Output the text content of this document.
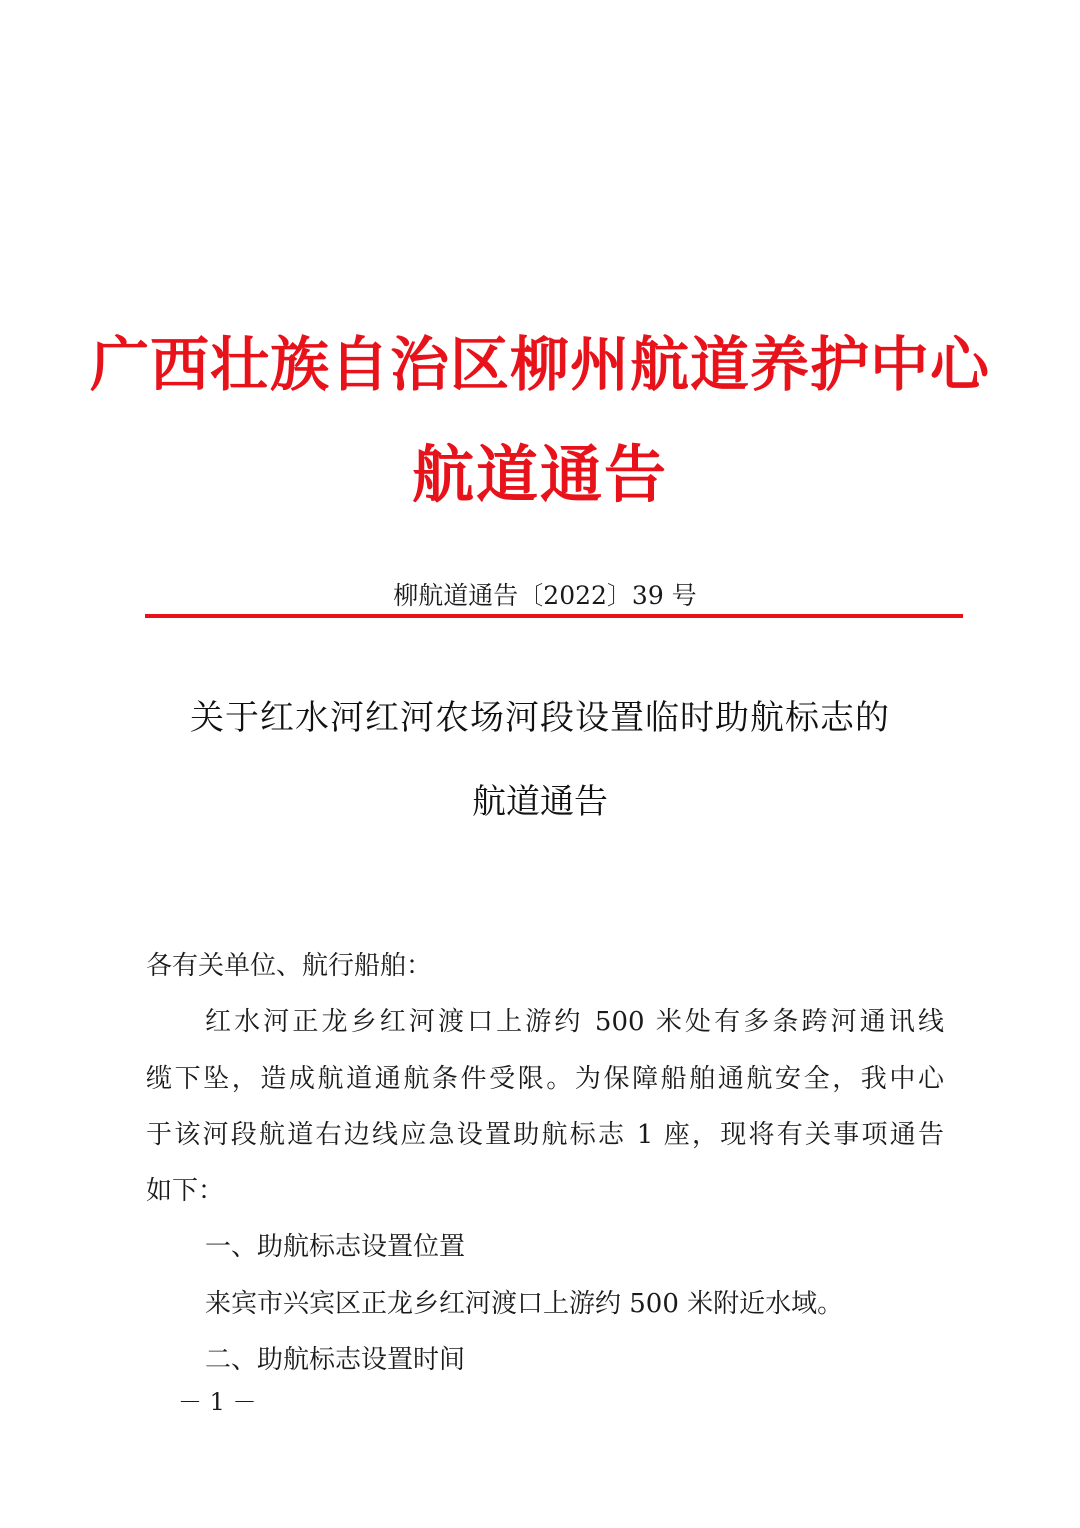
广西壮族自治区柳州航道养护中心
航道通告
柳航道通告〔2022〕39 号
关于红水河红河农场河段设置临时助航标志的
航道通告
各有关单位、航行船舶：
红水河正龙乡红河渡口上游约 500 米处有多条跨河通讯线
缆下坠，造成航道通航条件受限。为保障船舶通航安全，我中心
于该河段航道右边线应急设置助航标志 1 座，现将有关事项通告
如下：
一、助航标志设置位置
来宾市兴宾区正龙乡红河渡口上游约 500 米附近水域。
二、助航标志设置时间
－ 1 －
